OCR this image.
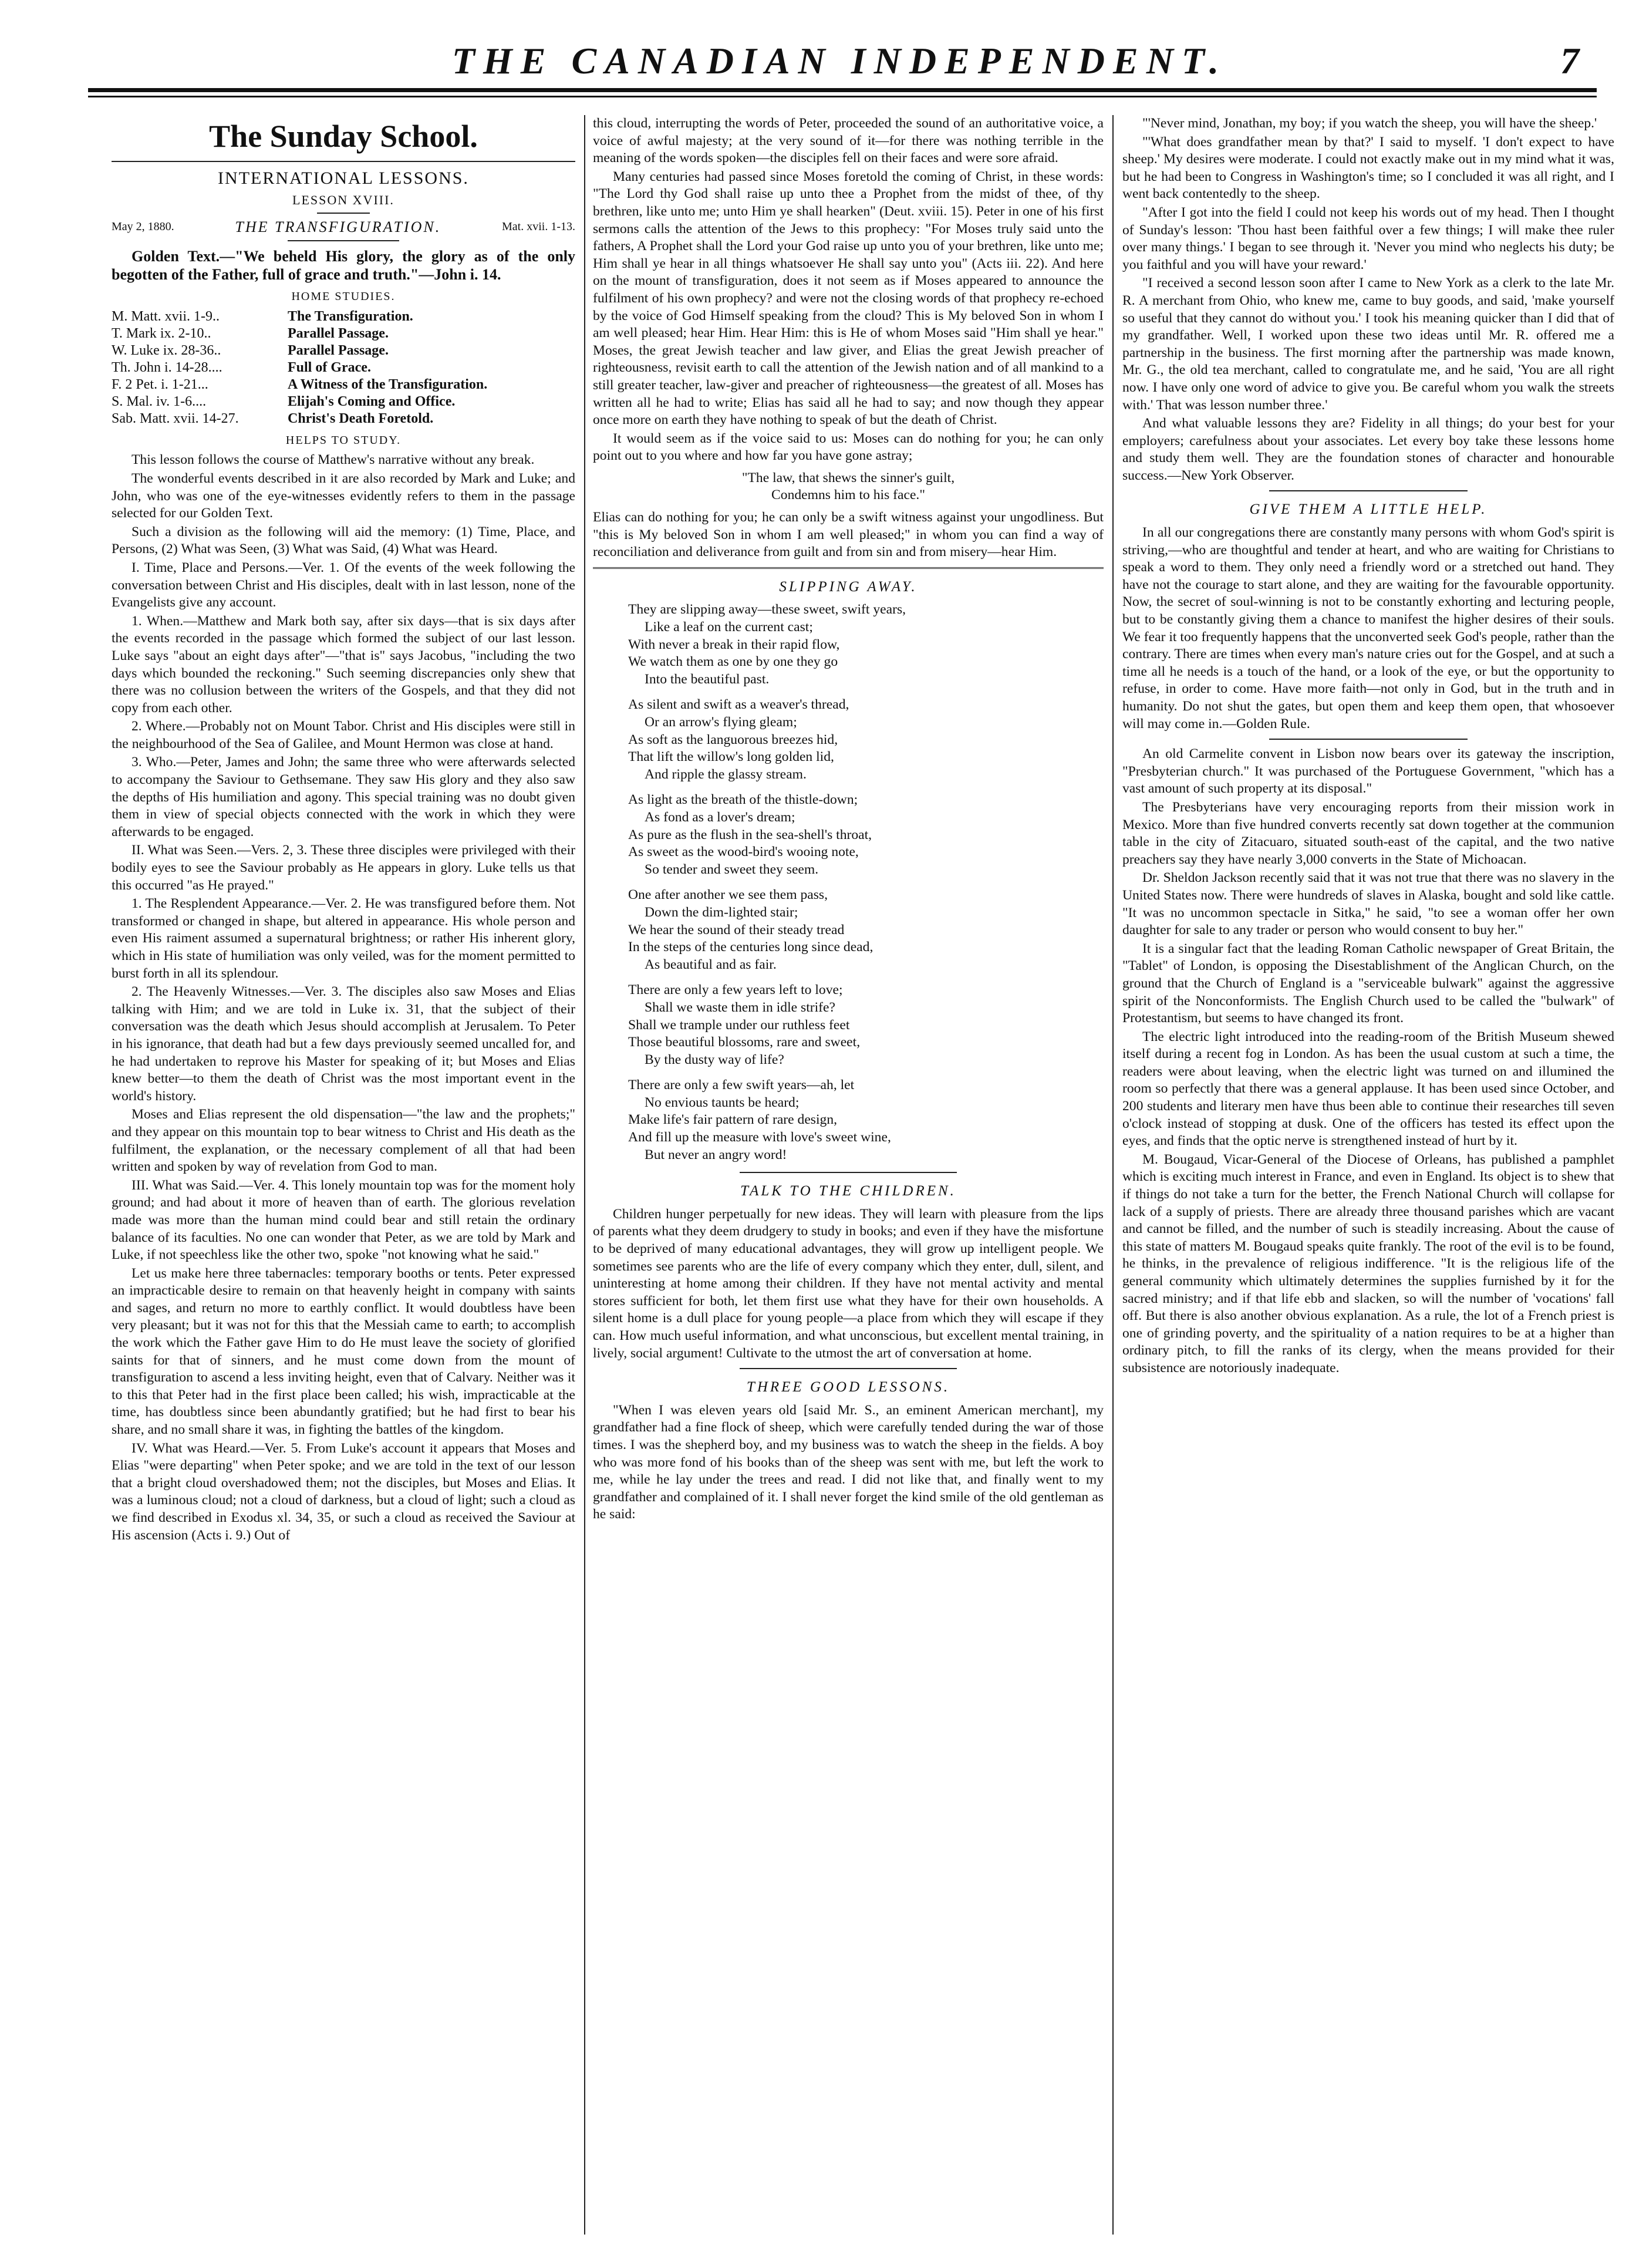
THE CANADIAN INDEPENDENT.	7
The Sunday School.
INTERNATIONAL LESSONS.
LESSON XVIII.
May 2, 1880.	THE TRANSFIGURATION.	Mat. xvii. 1-13.

Golden Text.—"We beheld His glory, the glory as of the only begotten of the Father, full of grace and truth."—John i. 14.

HOME STUDIES.
M. Matt. xvii. 1-9..	The Transfiguration.
T. Mark ix. 2-10..	Parallel Passage.
W. Luke ix. 28-36..	Parallel Passage.
Th. John i. 14-28....	Full of Grace.
F. 2 Pet. i. 1-21...	A Witness of the Transfiguration.
S. Mal. iv. 1-6....	Elijah's Coming and Office.
Sab. Matt. xvii. 14-27.	Christ's Death Foretold.
HELPS TO STUDY.

This lesson follows the course of Matthew's narrative without any break.

The wonderful events described in it are also recorded by Mark and Luke; and John, who was one of the eye-witnesses evidently refers to them in the passage selected for our Golden Text.

Such a division as the following will aid the memory: (1) Time, Place, and Persons, (2) What was Seen, (3) What was Said, (4) What was Heard.

I. Time, Place and Persons.—Ver. 1. Of the events of the week following the conversation between Christ and His disciples, dealt with in last lesson, none of the Evangelists give any account.

1. When.—Matthew and Mark both say, after six days—that is six days after the events recorded in the passage which formed the subject of our last lesson. Luke says "about an eight days after"—"that is" says Jacobus, "including the two days which bounded the reckoning." Such seeming discrepancies only shew that there was no collusion between the writers of the Gospels, and that they did not copy from each other.

2. Where.—Probably not on Mount Tabor. Christ and His disciples were still in the neighbourhood of the Sea of Galilee, and Mount Hermon was close at hand.

3. Who.—Peter, James and John; the same three who were afterwards selected to accompany the Saviour to Gethsemane. They saw His glory and they also saw the depths of His humiliation and agony. This special training was no doubt given them in view of special objects connected with the work in which they were afterwards to be engaged.

II. What was Seen.—Vers. 2, 3. These three disciples were privileged with their bodily eyes to see the Saviour probably as He appears in glory. Luke tells us that this occurred "as He prayed."

1. The Resplendent Appearance.—Ver. 2. He was transfigured before them. Not transformed or changed in shape, but altered in appearance. His whole person and even His raiment assumed a supernatural brightness; or rather His inherent glory, which in His state of humiliation was only veiled, was for the moment permitted to burst forth in all its splendour.

2. The Heavenly Witnesses.—Ver. 3. The disciples also saw Moses and Elias talking with Him; and we are told in Luke ix. 31, that the subject of their conversation was the death which Jesus should accomplish at Jerusalem. To Peter in his ignorance, that death had but a few days previously seemed uncalled for, and he had undertaken to reprove his Master for speaking of it; but Moses and Elias knew better—to them the death of Christ was the most important event in the world's history.

Moses and Elias represent the old dispensation—"the law and the prophets;" and they appear on this mountain top to bear witness to Christ and His death as the fulfilment, the explanation, or the necessary complement of all that had been written and spoken by way of revelation from God to man.

III. What was Said.—Ver. 4. This lonely mountain top was for the moment holy ground; and had about it more of heaven than of earth. The glorious revelation made was more than the human mind could bear and still retain the ordinary balance of its faculties. No one can wonder that Peter, as we are told by Mark and Luke, if not speechless like the other two, spoke "not knowing what he said."

Let us make here three tabernacles: temporary booths or tents. Peter expressed an impracticable desire to remain on that heavenly height in company with saints and sages, and return no more to earthly conflict. It would doubtless have been very pleasant; but it was not for this that the Messiah came to earth; to accomplish the work which the Father gave Him to do He must leave the society of glorified saints for that of sinners, and he must come down from the mount of transfiguration to ascend a less inviting height, even that of Calvary. Neither was it to this that Peter had in the first place been called; his wish, impracticable at the time, has doubtless since been abundantly gratified; but he had first to bear his share, and no small share it was, in fighting the battles of the kingdom.

IV. What was Heard.—Ver. 5. From Luke's account it appears that Moses and Elias "were departing" when Peter spoke; and we are told in the text of our lesson that a bright cloud overshadowed them; not the disciples, but Moses and Elias. It was a luminous cloud; not a cloud of darkness, but a cloud of light; such a cloud as we find described in Exodus xl. 34, 35, or such a cloud as received the Saviour at His ascension (Acts i. 9.) Out of

this cloud, interrupting the words of Peter, proceeded the sound of an authoritative voice, a voice of awful majesty; at the very sound of it—for there was nothing terrible in the meaning of the words spoken—the disciples fell on their faces and were sore afraid.

Many centuries had passed since Moses foretold the coming of Christ, in these words: "The Lord thy God shall raise up unto thee a Prophet from the midst of thee, of thy brethren, like unto me; unto Him ye shall hearken" (Deut. xviii. 15). Peter in one of his first sermons calls the attention of the Jews to this prophecy: "For Moses truly said unto the fathers, A Prophet shall the Lord your God raise up unto you of your brethren, like unto me; Him shall ye hear in all things whatsoever He shall say unto you" (Acts iii. 22). And here on the mount of transfiguration, does it not seem as if Moses appeared to announce the fulfilment of his own prophecy? and were not the closing words of that prophecy re-echoed by the voice of God Himself speaking from the cloud? This is My beloved Son in whom I am well pleased; hear Him. Hear Him: this is He of whom Moses said "Him shall ye hear." Moses, the great Jewish teacher and law giver, and Elias the great Jewish preacher of righteousness, revisit earth to call the attention of the Jewish nation and of all mankind to a still greater teacher, law-giver and preacher of righteousness—the greatest of all. Moses has written all he had to write; Elias has said all he had to say; and now though they appear once more on earth they have nothing to speak of but the death of Christ.

It would seem as if the voice said to us: Moses can do nothing for you; he can only point out to you where and how far you have gone astray;

"The law, that shews the sinner's guilt,
Condemns him to his face."

Elias can do nothing for you; he can only be a swift witness against your ungodliness. But "this is My beloved Son in whom I am well pleased;" in whom you can find a way of reconciliation and deliverance from guilt and from sin and from misery—hear Him.

SLIPPING AWAY.
They are slipping away—these sweet, swift years,
Like a leaf on the current cast;
With never a break in their rapid flow,
We watch them as one by one they go
Into the beautiful past.
As silent and swift as a weaver's thread,
Or an arrow's flying gleam;
As soft as the languorous breezes hid,
That lift the willow's long golden lid,
And ripple the glassy stream.
As light as the breath of the thistle-down;
As fond as a lover's dream;
As pure as the flush in the sea-shell's throat,
As sweet as the wood-bird's wooing note,
So tender and sweet they seem.
One after another we see them pass,
Down the dim-lighted stair;
We hear the sound of their steady tread
In the steps of the centuries long since dead,
As beautiful and as fair.
There are only a few years left to love;
Shall we waste them in idle strife?
Shall we trample under our ruthless feet
Those beautiful blossoms, rare and sweet,
By the dusty way of life?
There are only a few swift years—ah, let
No envious taunts be heard;
Make life's fair pattern of rare design,
And fill up the measure with love's sweet wine,
But never an angry word!
TALK TO THE CHILDREN.

Children hunger perpetually for new ideas. They will learn with pleasure from the lips of parents what they deem drudgery to study in books; and even if they have the misfortune to be deprived of many educational advantages, they will grow up intelligent people. We sometimes see parents who are the life of every company which they enter, dull, silent, and uninteresting at home among their children. If they have not mental activity and mental stores sufficient for both, let them first use what they have for their own households. A silent home is a dull place for young people—a place from which they will escape if they can. How much useful information, and what unconscious, but excellent mental training, in lively, social argument! Cultivate to the utmost the art of conversation at home.

THREE GOOD LESSONS.

"When I was eleven years old [said Mr. S., an eminent American merchant], my grandfather had a fine flock of sheep, which were carefully tended during the war of those times. I was the shepherd boy, and my business was to watch the sheep in the fields. A boy who was more fond of his books than of the sheep was sent with me, but left the work to me, while he lay under the trees and read. I did not like that, and finally went to my grandfather and complained of it. I shall never forget the kind smile of the old gentleman as he said:

"'Never mind, Jonathan, my boy; if you watch the sheep, you will have the sheep.'

"'What does grandfather mean by that?' I said to myself. 'I don't expect to have sheep.' My desires were moderate. I could not exactly make out in my mind what it was, but he had been to Congress in Washington's time; so I concluded it was all right, and I went back contentedly to the sheep.

"After I got into the field I could not keep his words out of my head. Then I thought of Sunday's lesson: 'Thou hast been faithful over a few things; I will make thee ruler over many things.' I began to see through it. 'Never you mind who neglects his duty; be you faithful and you will have your reward.'

"I received a second lesson soon after I came to New York as a clerk to the late Mr. R. A merchant from Ohio, who knew me, came to buy goods, and said, 'make yourself so useful that they cannot do without you.' I took his meaning quicker than I did that of my grandfather. Well, I worked upon these two ideas until Mr. R. offered me a partnership in the business. The first morning after the partnership was made known, Mr. G., the old tea merchant, called to congratulate me, and he said, 'You are all right now. I have only one word of advice to give you. Be careful whom you walk the streets with.' That was lesson number three.'

And what valuable lessons they are? Fidelity in all things; do your best for your employers; carefulness about your associates. Let every boy take these lessons home and study them well. They are the foundation stones of character and honourable success.—New York Observer.

GIVE THEM A LITTLE HELP.

In all our congregations there are constantly many persons with whom God's spirit is striving,—who are thoughtful and tender at heart, and who are waiting for Christians to speak a word to them. They only need a friendly word or a stretched out hand. They have not the courage to start alone, and they are waiting for the favourable opportunity. Now, the secret of soul-winning is not to be constantly exhorting and lecturing people, but to be constantly giving them a chance to manifest the higher desires of their souls. We fear it too frequently happens that the unconverted seek God's people, rather than the contrary. There are times when every man's nature cries out for the Gospel, and at such a time all he needs is a touch of the hand, or a look of the eye, or but the opportunity to refuse, in order to come. Have more faith—not only in God, but in the truth and in humanity. Do not shut the gates, but open them and keep them open, that whosoever will may come in.—Golden Rule.

An old Carmelite convent in Lisbon now bears over its gateway the inscription, "Presbyterian church." It was purchased of the Portuguese Government, "which has a vast amount of such property at its disposal."

The Presbyterians have very encouraging reports from their mission work in Mexico. More than five hundred converts recently sat down together at the communion table in the city of Zitacuaro, situated south-east of the capital, and the two native preachers say they have nearly 3,000 converts in the State of Michoacan.

Dr. Sheldon Jackson recently said that it was not true that there was no slavery in the United States now. There were hundreds of slaves in Alaska, bought and sold like cattle. "It was no uncommon spectacle in Sitka," he said, "to see a woman offer her own daughter for sale to any trader or person who would consent to buy her."

It is a singular fact that the leading Roman Catholic newspaper of Great Britain, the "Tablet" of London, is opposing the Disestablishment of the Anglican Church, on the ground that the Church of England is a "serviceable bulwark" against the aggressive spirit of the Nonconformists. The English Church used to be called the "bulwark" of Protestantism, but seems to have changed its front.

The electric light introduced into the reading-room of the British Museum shewed itself during a recent fog in London. As has been the usual custom at such a time, the readers were about leaving, when the electric light was turned on and illumined the room so perfectly that there was a general applause. It has been used since October, and 200 students and literary men have thus been able to continue their researches till seven o'clock instead of stopping at dusk. One of the officers has tested its effect upon the eyes, and finds that the optic nerve is strengthened instead of hurt by it.

M. Bougaud, Vicar-General of the Diocese of Orleans, has published a pamphlet which is exciting much interest in France, and even in England. Its object is to shew that if things do not take a turn for the better, the French National Church will collapse for lack of a supply of priests. There are already three thousand parishes which are vacant and cannot be filled, and the number of such is steadily increasing. About the cause of this state of matters M. Bougaud speaks quite frankly. The root of the evil is to be found, he thinks, in the prevalence of religious indifference. "It is the religious life of the general community which ultimately determines the supplies furnished by it for the sacred ministry; and if that life ebb and slacken, so will the number of 'vocations' fall off. But there is also another obvious explanation. As a rule, the lot of a French priest is one of grinding poverty, and the spirituality of a nation requires to be at a higher than ordinary pitch, to fill the ranks of its clergy, when the means provided for their subsistence are notoriously inadequate.
